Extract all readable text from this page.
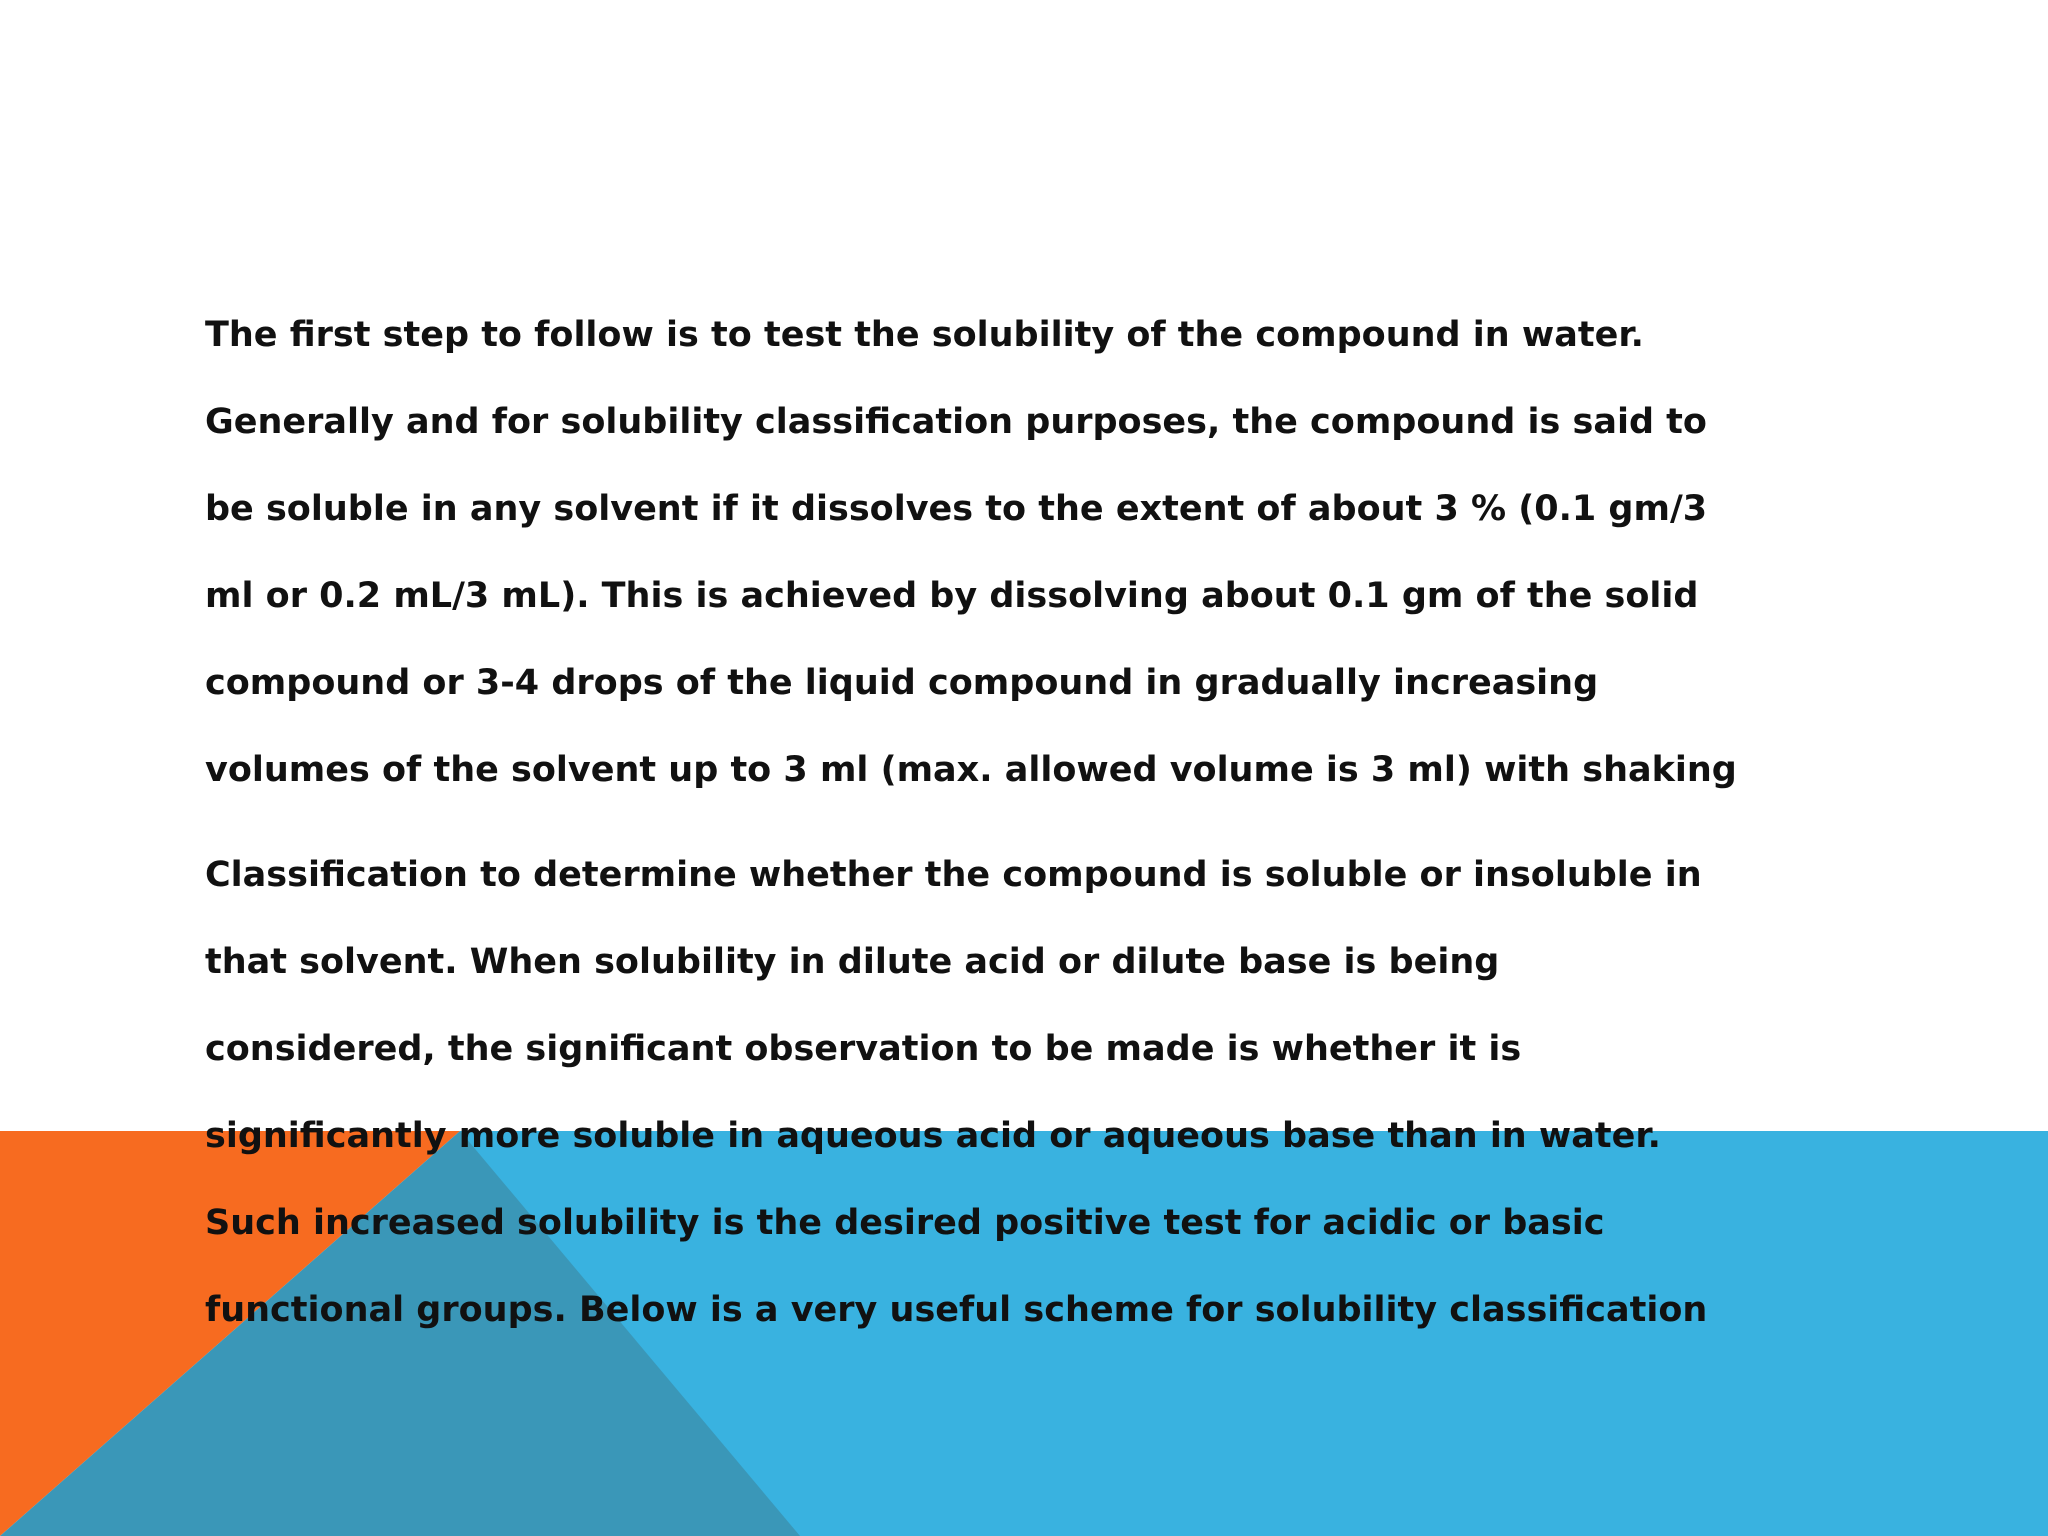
The first step to follow is to test the solubility of the compound in water.
Generally and for solubility classification purposes, the compound is said to
be soluble in any solvent if it dissolves to the extent of about 3 % (0.1 gm/3
ml or 0.2 mL/3 mL). This is achieved by dissolving about 0.1 gm of the solid
compound or 3-4 drops of the liquid compound in gradually increasing
volumes of the solvent up to 3 ml (max. allowed volume is 3 ml) with shaking

Classification to determine whether the compound is soluble or insoluble in
that solvent. When solubility in dilute acid or dilute base is being
considered, the significant observation to be made is whether it is
significantly more soluble in aqueous acid or aqueous base than in water.
Such increased solubility is the desired positive test for acidic or basic
functional groups. Below is a very useful scheme for solubility classification
